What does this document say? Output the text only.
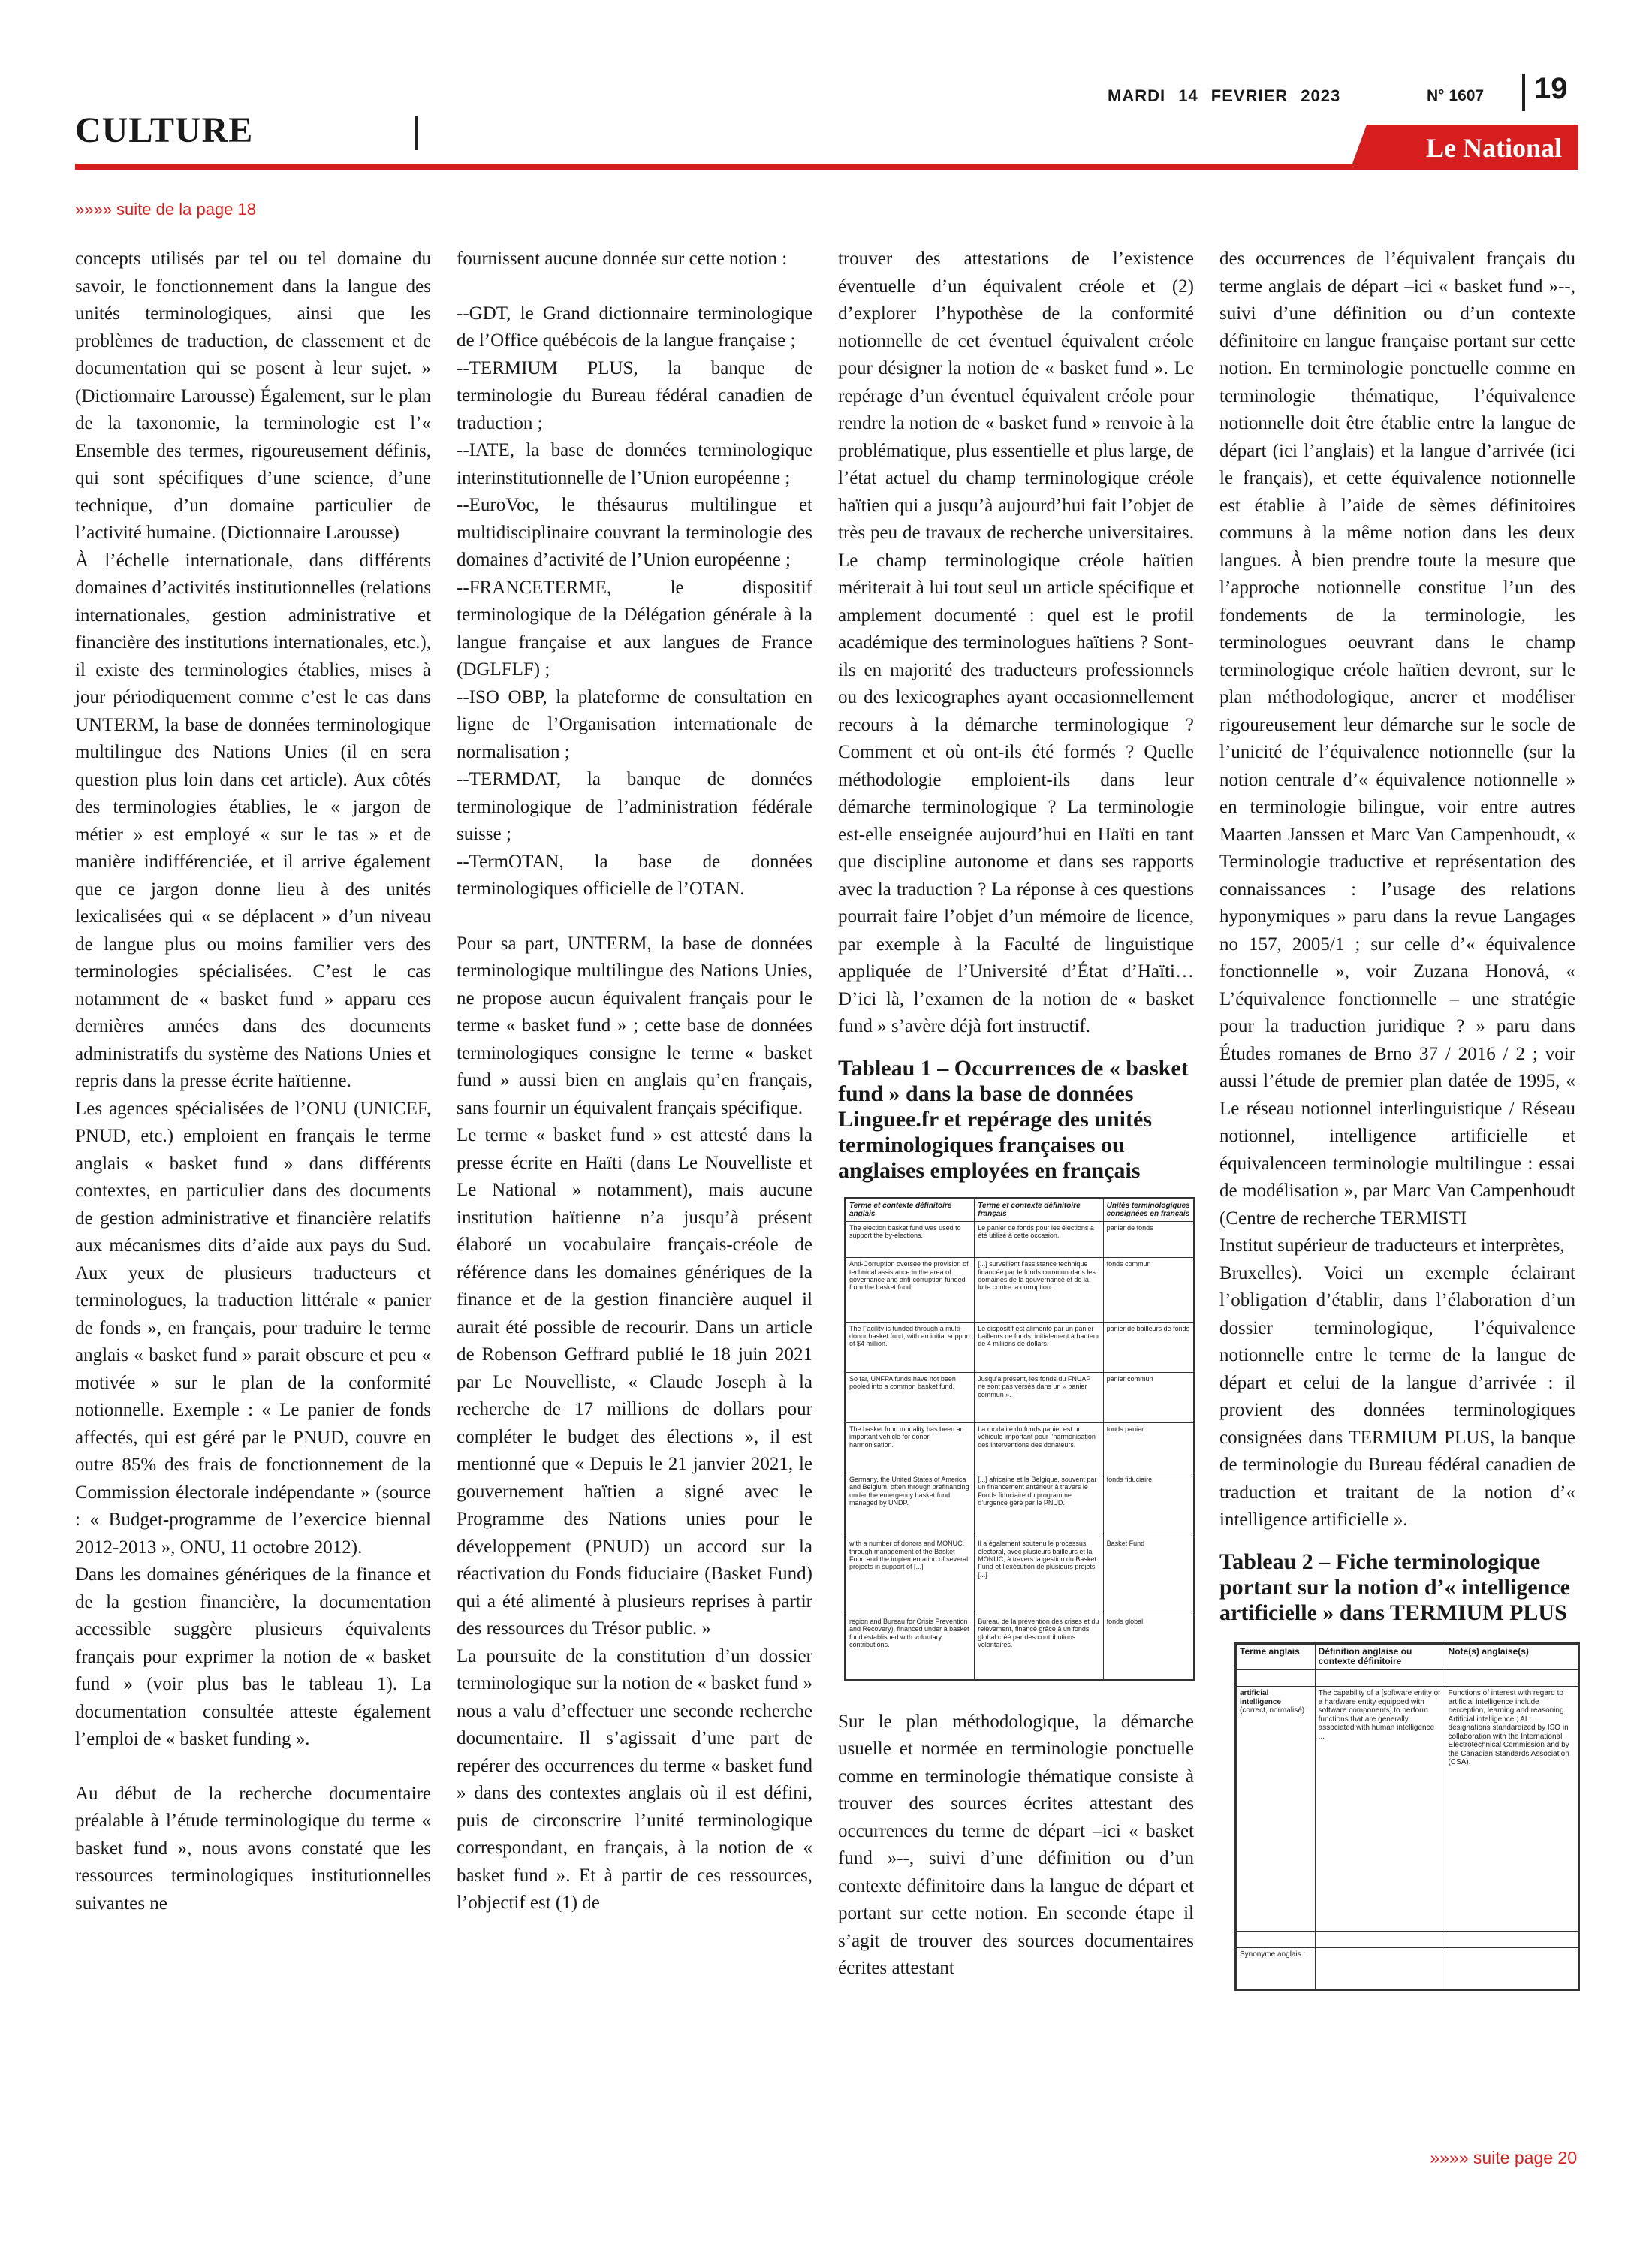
CULTURE
MARDI 14 FEVRIER 2023	N° 1607 19
Le National
»»»» suite de la page 18

concepts utilisés par tel ou tel domaine du savoir, le fonctionnement dans la langue des unités terminologiques, ainsi que les problèmes de traduction, de classement et de documentation qui se posent à leur sujet. » (Dictionnaire Larousse) Également, sur le plan de la taxonomie, la terminologie est l’« Ensemble des termes, rigoureusement définis, qui sont spécifiques d’une science, d’une technique, d’un domaine particulier de l’activité humaine. (Dictionnaire Larousse)

À l’échelle internationale, dans différents domaines d’activités institutionnelles (relations internationales, gestion administrative et financière des institutions internationales, etc.), il existe des terminologies établies, mises à jour périodiquement comme c’est le cas dans UNTERM, la base de données terminologique multilingue des Nations Unies (il en sera question plus loin dans cet article). Aux côtés des terminologies établies, le « jargon de métier » est employé « sur le tas » et de manière indifférenciée, et il arrive également que ce jargon donne lieu à des unités lexicalisées qui « se déplacent » d’un niveau de langue plus ou moins familier vers des terminologies spécialisées. C’est le cas notamment de « basket fund » apparu ces dernières années dans des documents administratifs du système des Nations Unies et repris dans la presse écrite haïtienne.

Les agences spécialisées de l’ONU (UNICEF, PNUD, etc.) emploient en français le terme anglais « basket fund » dans différents contextes, en particulier dans des documents de gestion administrative et financière relatifs aux mécanismes dits d’aide aux pays du Sud. Aux yeux de plusieurs traducteurs et terminologues, la traduction littérale « panier de fonds », en français, pour traduire le terme anglais « basket fund » parait obscure et peu « motivée » sur le plan de la conformité notionnelle. Exemple : « Le panier de fonds affectés, qui est géré par le PNUD, couvre en outre 85% des frais de fonctionnement de la Commission électorale indépendante » (source : « Budget-programme de l’exercice biennal 2012-2013 », ONU, 11 octobre 2012).

Dans les domaines génériques de la finance et de la gestion financière, la documentation accessible suggère plusieurs équivalents français pour exprimer la notion de « basket fund » (voir plus bas le tableau 1). La documentation consultée atteste également l’emploi de « basket funding ».

Au début de la recherche documentaire préalable à l’étude terminologique du terme « basket fund », nous avons constaté que les ressources terminologiques institutionnelles suivantes ne

fournissent aucune donnée sur cette notion :

--GDT, le Grand dictionnaire terminologique de l’Office québécois de la langue française ;

--TERMIUM PLUS, la banque de terminologie du Bureau fédéral canadien de traduction ;

--IATE, la base de données terminologique interinstitutionnelle de l’Union européenne ;

--EuroVoc, le thésaurus multilingue et multidisciplinaire couvrant la terminologie des domaines d’activité de l’Union européenne ;

--FRANCETERME, le dispositif terminologique de la Délégation générale à la langue française et aux langues de France (DGLFLF) ;

--ISO OBP, la plateforme de consultation en ligne de l’Organisation internationale de normalisation ;

--TERMDAT, la banque de données terminologique de l’administration fédérale suisse ;

--TermOTAN, la base de données terminologiques officielle de l’OTAN.

Pour sa part, UNTERM, la base de données terminologique multilingue des Nations Unies, ne propose aucun équivalent français pour le terme « basket fund » ; cette base de données terminologiques consigne le terme « basket fund » aussi bien en anglais qu’en français, sans fournir un équivalent français spécifique.

Le terme « basket fund » est attesté dans la presse écrite en Haïti (dans Le Nouvelliste et Le National » notamment), mais aucune institution haïtienne n’a jusqu’à présent élaboré un vocabulaire français-créole de référence dans les domaines génériques de la finance et de la gestion financière auquel il aurait été possible de recourir. Dans un article de Robenson Geffrard publié le 18 juin 2021 par Le Nouvelliste, « Claude Joseph à la recherche de 17 millions de dollars pour compléter le budget des élections », il est mentionné que « Depuis le 21 janvier 2021, le gouvernement haïtien a signé avec le Programme des Nations unies pour le développement (PNUD) un accord sur la réactivation du Fonds fiduciaire (Basket Fund) qui a été alimenté à plusieurs reprises à partir des ressources du Trésor public. »

La poursuite de la constitution d’un dossier terminologique sur la notion de « basket fund » nous a valu d’effectuer une seconde recherche documentaire. Il s’agissait d’une part de repérer des occurrences du terme « basket fund » dans des contextes anglais où il est défini, puis de circonscrire l’unité terminologique correspondant, en français, à la notion de « basket fund ». Et à partir de ces ressources, l’objectif est (1) de

trouver des attestations de l’existence éventuelle d’un équivalent créole et (2) d’explorer l’hypothèse de la conformité notionnelle de cet éventuel équivalent créole pour désigner la notion de « basket fund ». Le repérage d’un éventuel équivalent créole pour rendre la notion de « basket fund » renvoie à la problématique, plus essentielle et plus large, de l’état actuel du champ terminologique créole haïtien qui a jusqu’à aujourd’hui fait l’objet de très peu de travaux de recherche universitaires. Le champ terminologique créole haïtien mériterait à lui tout seul un article spécifique et amplement documenté : quel est le profil académique des terminologues haïtiens ? Sont-ils en majorité des traducteurs professionnels ou des lexicographes ayant occasionnellement recours à la démarche terminologique ? Comment et où ont-ils été formés ? Quelle méthodologie emploient-ils dans leur démarche terminologique ? La terminologie est-elle enseignée aujourd’hui en Haïti en tant que discipline autonome et dans ses rapports avec la traduction ? La réponse à ces questions pourrait faire l’objet d’un mémoire de licence, par exemple à la Faculté de linguistique appliquée de l’Université d’État d’Haïti… D’ici là, l’examen de la notion de « basket fund » s’avère déjà fort instructif.

Tableau 1 – Occurrences de « basket fund » dans la base de données Linguee.fr et repérage des unités terminologiques françaises ou anglaises employées en français
Terme et contexte définitoire anglais	Terme et contexte définitoire français	Unités terminologiques consignées en français
The election basket fund was used to support the by-elections.	Le panier de fonds pour les élections a été utilisé à cette occasion.	panier de fonds
Anti-Corruption oversee the provision of technical assistance in the area of governance and anti-corruption funded from the basket fund.	[...] surveillent l’assistance technique financée par le fonds commun dans les domaines de la gouvernance et de la lutte contre la corruption.	fonds commun
The Facility is funded through a multi-donor basket fund, with an initial support of $4 million.	Le dispositif est alimenté par un panier bailleurs de fonds, initialement à hauteur de 4 millions de dollars.	panier de bailleurs de fonds
So far, UNFPA funds have not been pooled into a common basket fund.	Jusqu’à présent, les fonds du FNUAP ne sont pas versés dans un « panier commun ».	panier commun
The basket fund modality has been an important vehicle for donor harmonisation.	La modalité du fonds panier est un véhicule important pour l’harmonisation des interventions des donateurs.	fonds panier
Germany, the United States of America and Belgium, often through prefinancing under the emergency basket fund managed by UNDP.	[...] africaine et la Belgique, souvent par un financement antérieur à travers le Fonds fiduciaire du programme d’urgence géré par le PNUD.	fonds fiduciaire
with a number of donors and MONUC, through management of the Basket Fund and the implementation of several projects in support of [...]	Il a également soutenu le processus électoral, avec plusieurs bailleurs et la MONUC, à travers la gestion du Basket Fund et l’exécution de plusieurs projets [...]	Basket Fund
region and Bureau for Crisis Prevention and Recovery), financed under a basket fund established with voluntary contributions.	Bureau de la prévention des crises et du relèvement, financé grâce à un fonds global créé par des contributions volontaires.	fonds global

Sur le plan méthodologique, la démarche usuelle et normée en terminologie ponctuelle comme en terminologie thématique consiste à trouver des sources écrites attestant des occurrences du terme de départ –ici « basket fund »--, suivi d’une définition ou d’un contexte définitoire dans la langue de départ et portant sur cette notion. En seconde étape il s’agit de trouver des sources documentaires écrites attestant

des occurrences de l’équivalent français du terme anglais de départ –ici « basket fund »--, suivi d’une définition ou d’un contexte définitoire en langue française portant sur cette notion. En terminologie ponctuelle comme en terminologie thématique, l’équivalence notionnelle doit être établie entre la langue de départ (ici l’anglais) et la langue d’arrivée (ici le français), et cette équivalence notionnelle est établie à l’aide de sèmes définitoires communs à la même notion dans les deux langues. À bien prendre toute la mesure que l’approche notionnelle constitue l’un des fondements de la terminologie, les terminologues oeuvrant dans le champ terminologique créole haïtien devront, sur le plan méthodologique, ancrer et modéliser rigoureusement leur démarche sur le socle de l’unicité de l’équivalence notionnelle (sur la notion centrale d’« équivalence notionnelle » en terminologie bilingue, voir entre autres Maarten Janssen et Marc Van Campenhoudt, « Terminologie traductive et représentation des connaissances : l’usage des relations hyponymiques » paru dans la revue Langages no 157, 2005/1 ; sur celle d’« équivalence fonctionnelle », voir Zuzana Honová, « L’équivalence fonctionnelle – une stratégie pour la traduction juridique ? » paru dans Études romanes de Brno 37 / 2016 / 2 ; voir aussi l’étude de premier plan datée de 1995, « Le réseau notionnel interlinguistique / Réseau notionnel, intelligence artificielle et équivalenceen terminologie multilingue : essai de modélisation », par Marc Van Campenhoudt (Centre de recherche TERMISTI

Institut supérieur de traducteurs et interprètes,

Bruxelles). Voici un exemple éclairant l’obligation d’établir, dans l’élaboration d’un dossier terminologique, l’équivalence notionnelle entre le terme de la langue de départ et celui de la langue d’arrivée : il provient des données terminologiques consignées dans TERMIUM PLUS, la banque de terminologie du Bureau fédéral canadien de traduction et traitant de la notion d’« intelligence artificielle ».

Tableau 2 – Fiche terminologique portant sur la notion d’« intelligence artificielle » dans TERMIUM PLUS
Terme anglais	Définition anglaise ou contexte définitoire	Note(s) anglaise(s)

artificial intelligence
(correct, normalisé)	The capability of a [software entity or a hardware entity equipped with software components] to perform functions that are generally associated with human intelligence ...	Functions of interest with regard to artificial intelligence include perception, learning and reasoning. Artificial intelligence ; AI : designations standardized by ISO in collaboration with the International Electrotechnical Commission and by the Canadian Standards Association (CSA).

Synonyme anglais :		
»»»» suite page 20
